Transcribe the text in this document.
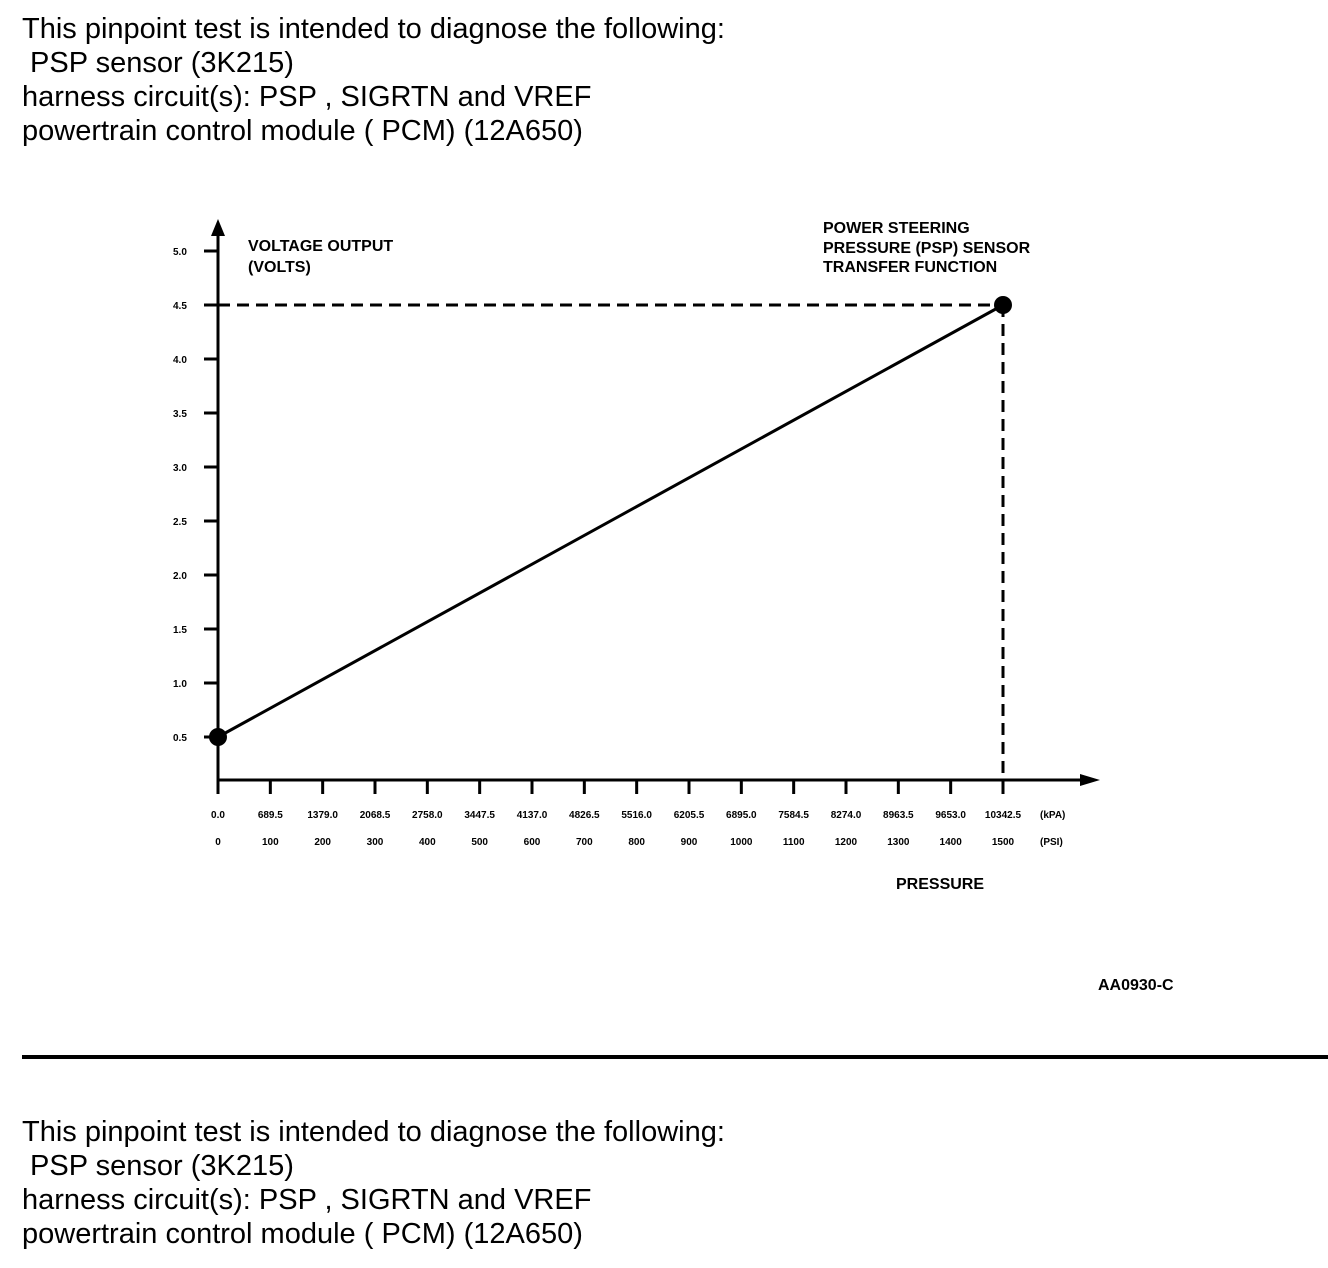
This pinpoint test is intended to diagnose the following:

PSP sensor (3K215)

harness circuit(s): PSP , SIGRTN and VREF

powertrain control module ( PCM) (12A650)

5.0
4.5
4.0
3.5
3.0
2.5
2.0
1.5
1.0
0.5
0.0
0
689.5
100
1379.0
200
2068.5
300
2758.0
400
3447.5
500
4137.0
600
4826.5
700
5516.0
800
6205.5
900
6895.0
1000
7584.5
1100
8274.0
1200
8963.5
1300
9653.0
1400
10342.5
1500
POWER STEERING
PRESSURE (PSP) SENSOR
TRANSFER FUNCTION
VOLTAGE OUTPUT
(VOLTS)
PRESSURE
(kPA)
(PSI)
AA0930-C

This pinpoint test is intended to diagnose the following:

PSP sensor (3K215)

harness circuit(s): PSP , SIGRTN and VREF

powertrain control module ( PCM) (12A650)
